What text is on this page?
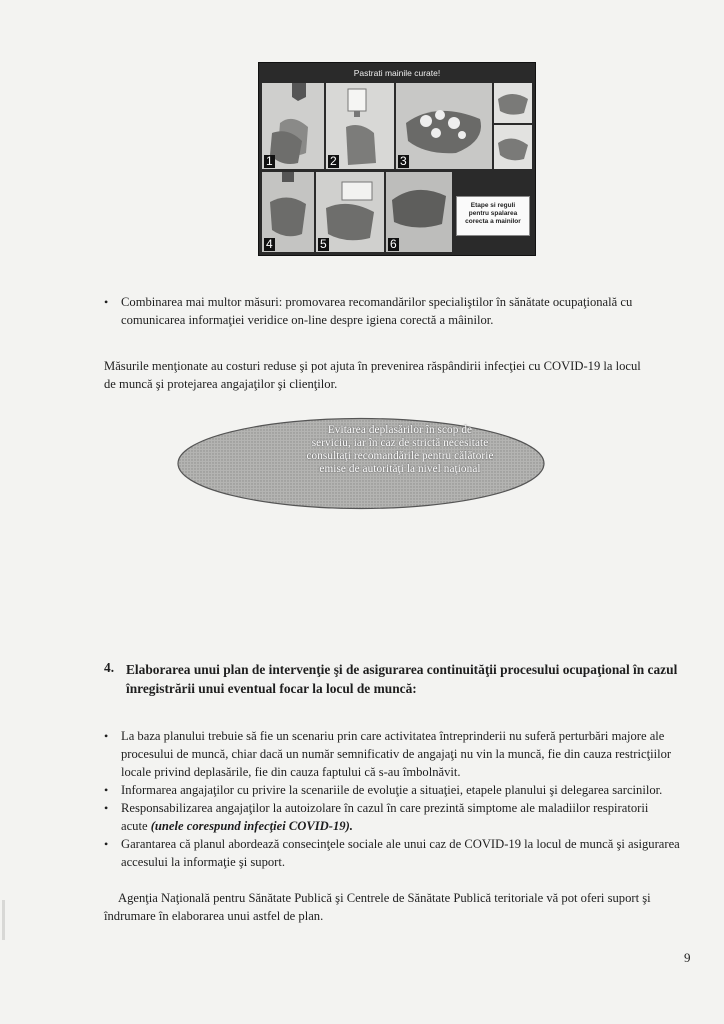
Pastrati mainile curate!
1	2	3
4	5	6
Etape si reguli
pentru spalarea
corecta a mainilor
• Combinarea mai multor măsuri: promovarea recomandărilor specialiştilor în sănătate ocupaţională cu
comunicarea informaţiei veridice on-line despre igiena corectă a mâinilor.
Măsurile menţionate au costuri reduse şi pot ajuta în prevenirea răspândirii infecţiei cu COVID-19 la locul
de muncă şi protejarea angajaţilor şi clienţilor.
Evitarea deplasărilor în scop de
serviciu, iar în caz de strictă necesitate
consultaţi recomandările pentru călătorie
emise de autorităţi la nivel naţional
4. Elaborarea unui plan de intervenţie şi de asigurarea continuităţii procesului ocupaţional în cazul
înregistrării unui eventual focar la locul de muncă:
• La baza planului trebuie să fie un scenariu prin care activitatea întreprinderii nu suferă perturbări majore ale
procesului de muncă, chiar dacă un număr semnificativ de angajaţi nu vin la muncă, fie din cauza restricţiilor
locale privind deplasările, fie din cauza faptului că s-au îmbolnăvit.
• Informarea angajaţilor cu privire la scenariile de evoluţie a situaţiei, etapele planului şi delegarea sarcinilor.
• Responsabilizarea angajaţilor la autoizolare în cazul în care prezintă simptome ale maladiilor respiratorii
acute (unele corespund infecţiei COVID-19).
• Garantarea că planul abordează consecinţele sociale ale unui caz de COVID-19 la locul de muncă şi asigurarea
accesului la informaţie şi suport.
Agenţia Naţională pentru Sănătate Publică şi Centrele de Sănătate Publică teritoriale vă pot oferi suport şi
îndrumare în elaborarea unui astfel de plan.
9
